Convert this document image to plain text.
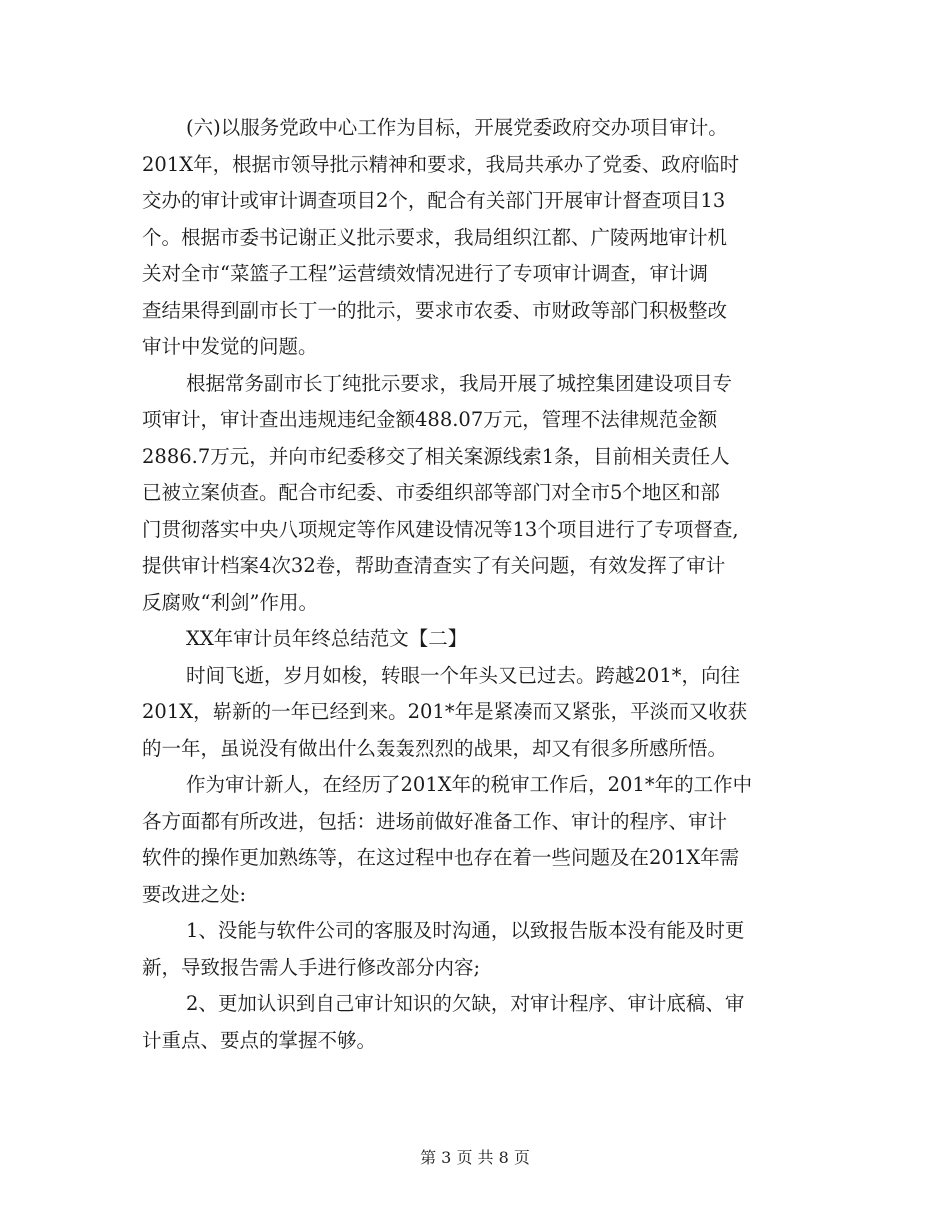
(六)以服务党政中心工作为目标，开展党委政府交办项目审计。
201X年，根据市领导批示精神和要求，我局共承办了党委、政府临时
交办的审计或审计调查项目2个，配合有关部门开展审计督查项目13
个。根据市委书记谢正义批示要求，我局组织江都、广陵两地审计机
关对全市“菜篮子工程”运营绩效情况进行了专项审计调查，审计调
查结果得到副市长丁一的批示，要求市农委、市财政等部门积极整改
审计中发觉的问题。
根据常务副市长丁纯批示要求，我局开展了城控集团建设项目专
项审计，审计查出违规违纪金额488.07万元，管理不法律规范金额
2886.7万元，并向市纪委移交了相关案源线索1条，目前相关责任人
已被立案侦查。配合市纪委、市委组织部等部门对全市5个地区和部
门贯彻落实中央八项规定等作风建设情况等13个项目进行了专项督查,
提供审计档案4次32卷，帮助查清查实了有关问题，有效发挥了审计
反腐败“利剑”作用。
XX年审计员年终总结范文【二】
时间飞逝，岁月如梭，转眼一个年头又已过去。跨越201*，向往
201X，崭新的一年已经到来。201*年是紧凑而又紧张，平淡而又收获
的一年，虽说没有做出什么轰轰烈烈的战果，却又有很多所感所悟。
作为审计新人，在经历了201X年的税审工作后，201*年的工作中
各方面都有所改进，包括：进场前做好准备工作、审计的程序、审计
软件的操作更加熟练等，在这过程中也存在着一些问题及在201X年需
要改进之处:
1、没能与软件公司的客服及时沟通，以致报告版本没有能及时更
新，导致报告需人手进行修改部分内容;
2、更加认识到自己审计知识的欠缺，对审计程序、审计底稿、审
计重点、要点的掌握不够。
第 3 页 共 8 页
